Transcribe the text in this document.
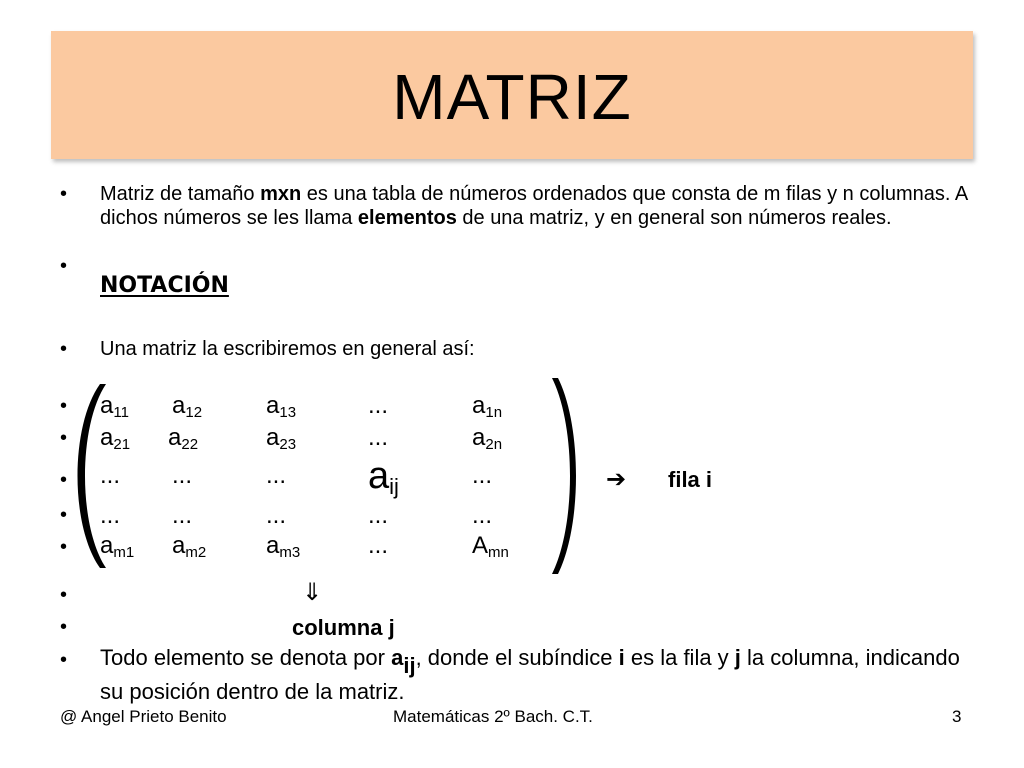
MATRIZ
•
•
•
•
•
•
•
•
•
•
•
Matriz de tamaño mxn es una tabla de números ordenados que consta de m filas y n columnas. A dichos números se les llama elementos de una matriz, y en general son números reales.
NOTACIÓN
Una matriz la escribiremos en general así:
$a_{11}$ $a_{12}$	$a_{13}$	...	$a_{1n}$
$a_{21}$ $a_{22}$	$a_{23}$	...	$a_{2n}$
... ...	... $a_{ij}$	...
... ...	...	...	...
$a_{m1}$ $a_{m2}$ $a_{m3}$	...	$A_{mn}$
➔ fila i
⇓
columna j
Todo elemento se denota por $a_{ij}$, donde el subíndice i es la fila y j la columna, indicando su posición dentro de la matriz.
@ Angel Prieto Benito	Matemáticas 2º Bach. C.T.	3
